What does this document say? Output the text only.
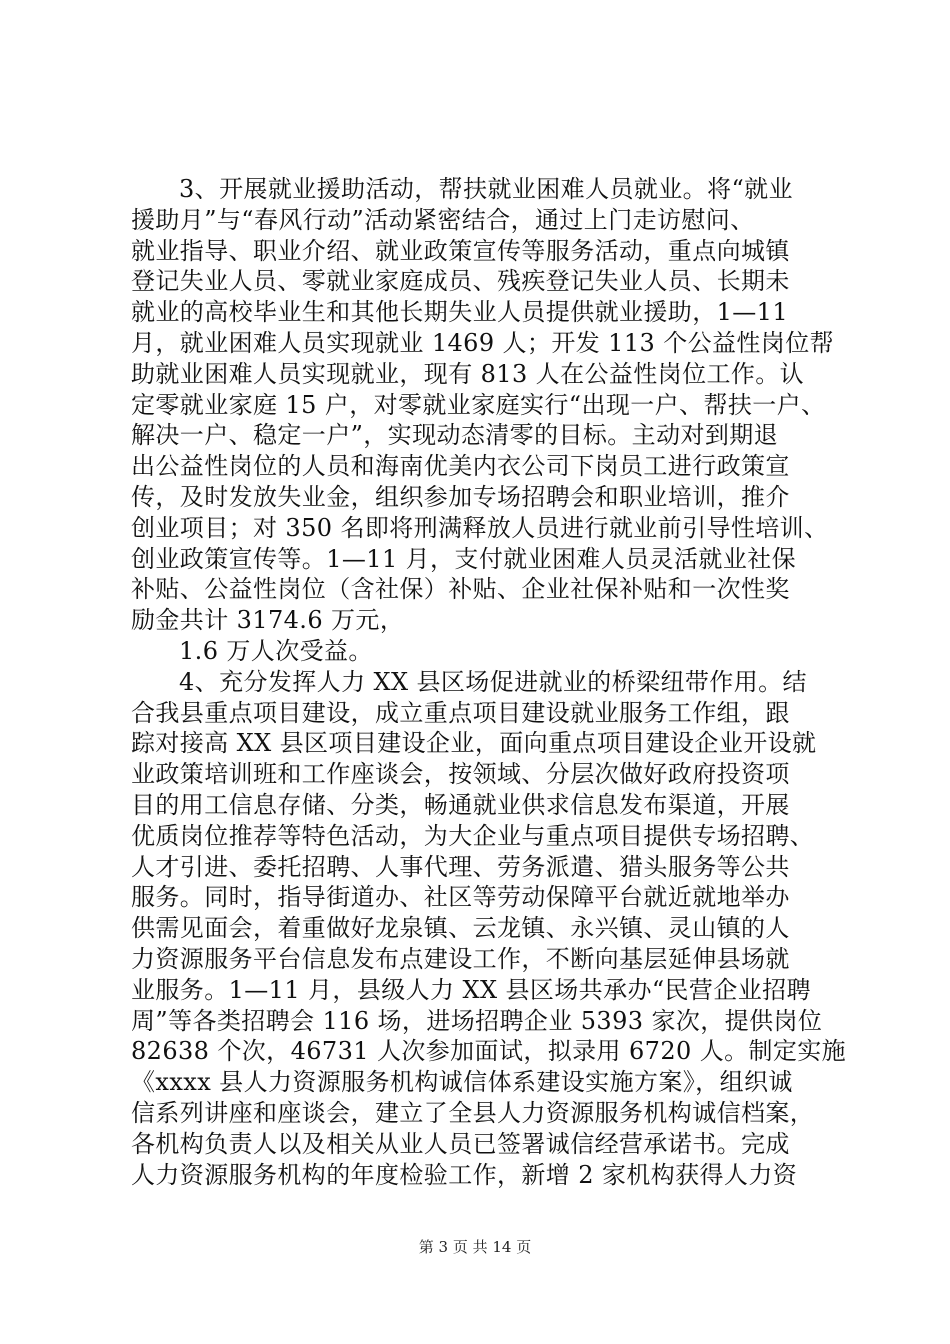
3、开展就业援助活动，帮扶就业困难人员就业。将“就业
援助月”与“春风行动”活动紧密结合，通过上门走访慰问、
就业指导、职业介绍、就业政策宣传等服务活动，重点向城镇
登记失业人员、零就业家庭成员、残疾登记失业人员、长期未
就业的高校毕业生和其他长期失业人员提供就业援助，1—11
月，就业困难人员实现就业 1469 人；开发 113 个公益性岗位帮
助就业困难人员实现就业，现有 813 人在公益性岗位工作。认
定零就业家庭 15 户，对零就业家庭实行“出现一户、帮扶一户、
解决一户、稳定一户”，实现动态清零的目标。主动对到期退
出公益性岗位的人员和海南优美内衣公司下岗员工进行政策宣
传，及时发放失业金，组织参加专场招聘会和职业培训，推介
创业项目；对 350 名即将刑满释放人员进行就业前引导性培训、
创业政策宣传等。1—11 月，支付就业困难人员灵活就业社保
补贴、公益性岗位（含社保）补贴、企业社保补贴和一次性奖
励金共计 3174.6 万元，
1.6 万人次受益。
4、充分发挥人力 XX 县区场促进就业的桥梁纽带作用。结
合我县重点项目建设，成立重点项目建设就业服务工作组，跟
踪对接高 XX 县区项目建设企业，面向重点项目建设企业开设就
业政策培训班和工作座谈会，按领域、分层次做好政府投资项
目的用工信息存储、分类，畅通就业供求信息发布渠道，开展
优质岗位推荐等特色活动，为大企业与重点项目提供专场招聘、
人才引进、委托招聘、人事代理、劳务派遣、猎头服务等公共
服务。同时，指导街道办、社区等劳动保障平台就近就地举办
供需见面会，着重做好龙泉镇、云龙镇、永兴镇、灵山镇的人
力资源服务平台信息发布点建设工作，不断向基层延伸县场就
业服务。1—11 月，县级人力 XX 县区场共承办“民营企业招聘
周”等各类招聘会 116 场，进场招聘企业 5393 家次，提供岗位
82638 个次，46731 人次参加面试，拟录用 6720 人。制定实施
《xxxx 县人力资源服务机构诚信体系建设实施方案》，组织诚
信系列讲座和座谈会，建立了全县人力资源服务机构诚信档案，
各机构负责人以及相关从业人员已签署诚信经营承诺书。完成
人力资源服务机构的年度检验工作，新增 2 家机构获得人力资
第 3 页 共 14 页
